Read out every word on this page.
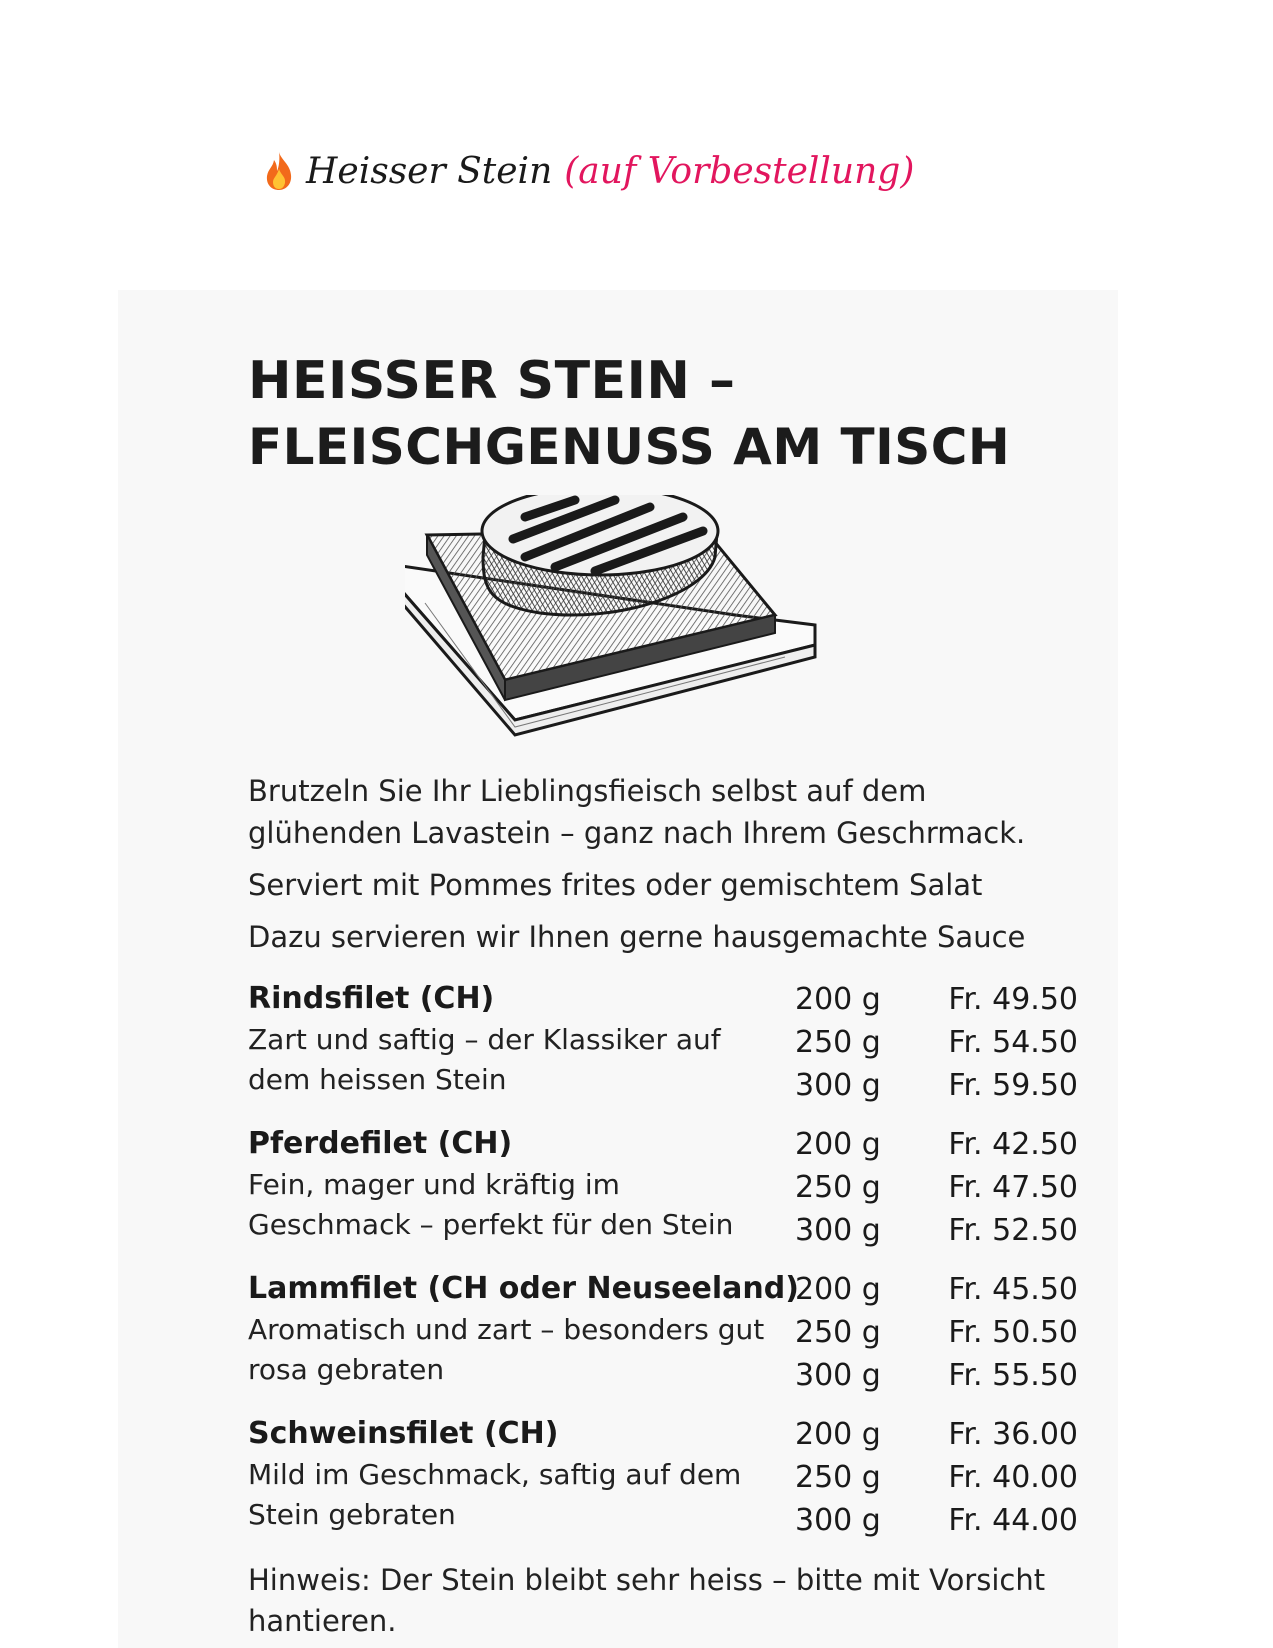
Heisser Stein (auf Vorbestellung)
HEISSER STEIN –
FLEISCHGENUSS AM TISCH

Brutzeln Sie Ihr Lieblingsfieisch selbst auf dem glühenden Lavastein – ganz nach Ihrem Geschrmack.

Serviert mit Pommes frites oder gemischtem Salat

Dazu servieren wir Ihnen gerne hausgemachte Sauce

Rindsfilet (CH)
Zart und saftig – der Klassiker auf dem heissen Stein
200 g Fr. 49.50
250 g Fr. 54.50
300 g Fr. 59.50
Pferdefilet (CH)
Fein, mager und kräftig im Geschmack – perfekt für den Stein
200 g Fr. 42.50
250 g Fr. 47.50
300 g Fr. 52.50
Lammfilet (CH oder Neuseeland)
Aromatisch und zart – besonders gut rosa gebraten
200 g Fr. 45.50
250 g Fr. 50.50
300 g Fr. 55.50
Schweinsfilet (CH)
Mild im Geschmack, saftig auf dem Stein gebraten
200 g Fr. 36.00
250 g Fr. 40.00
300 g Fr. 44.00
Hinweis: Der Stein bleibt sehr heiss – bitte mit Vorsicht hantieren.
